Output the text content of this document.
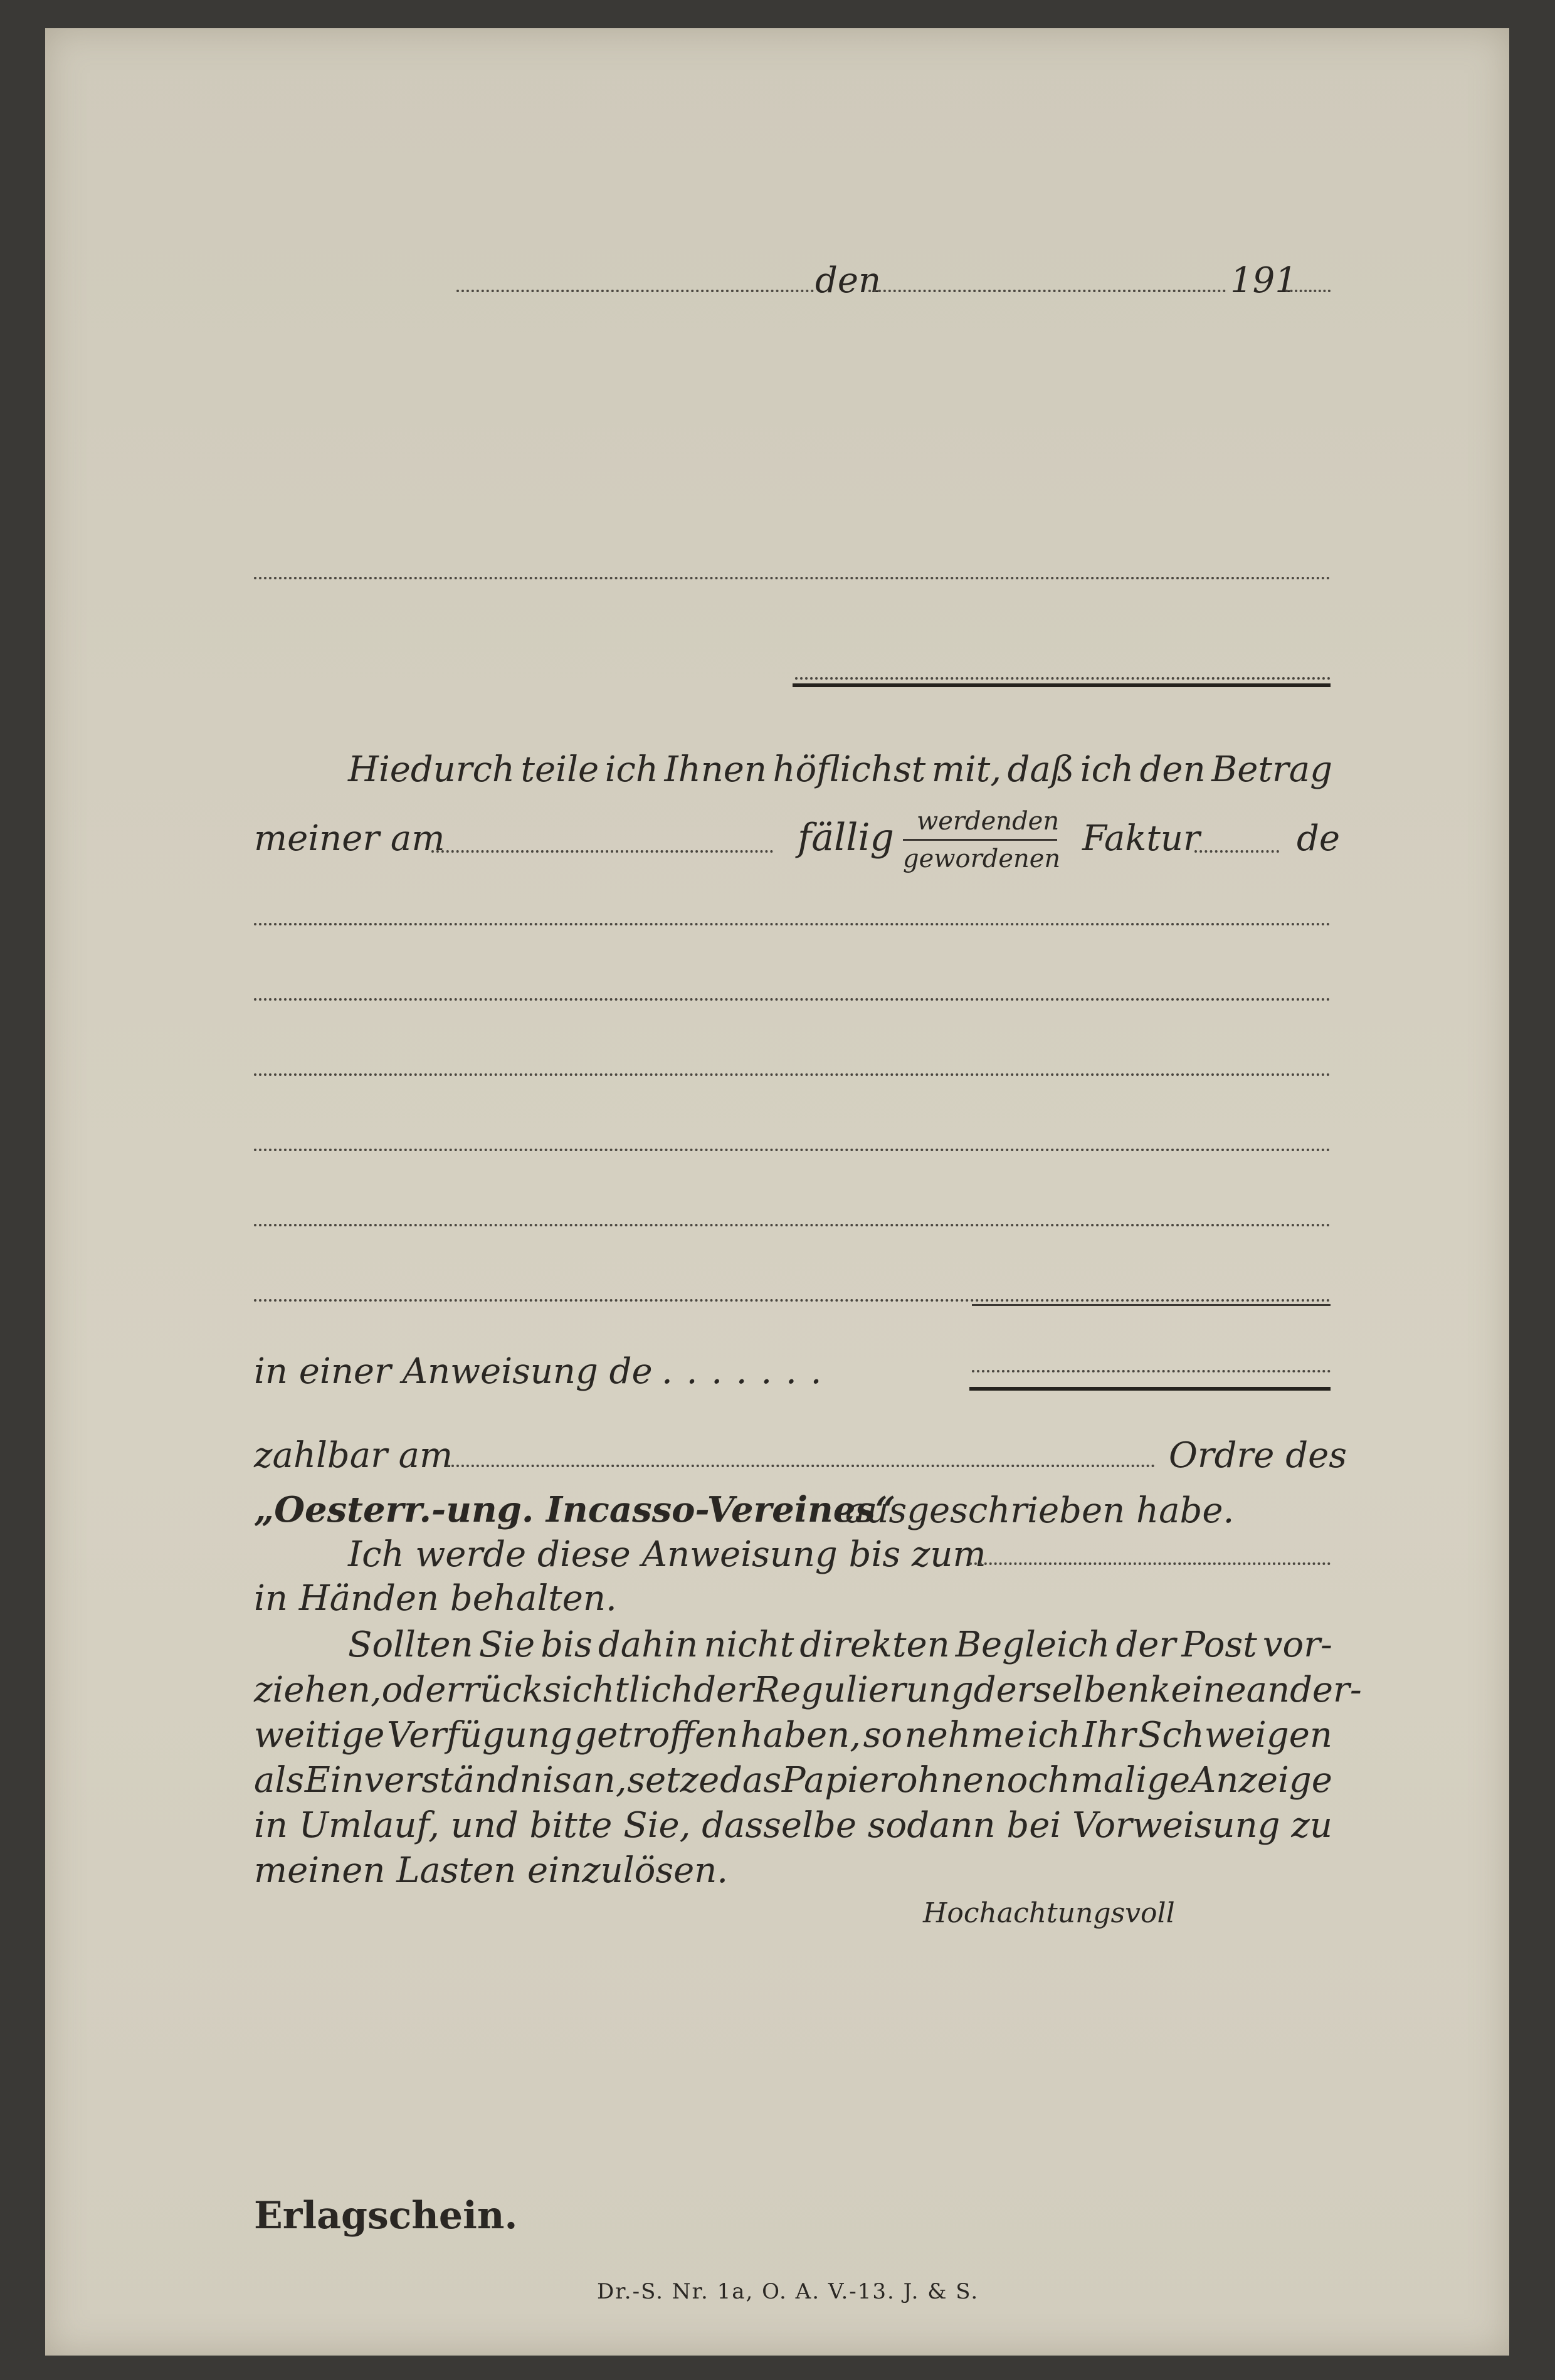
den	191
Hiedurch teile ich Ihnen höflichst mit, daß ich den Betrag
meiner am	fällig werdenden
gewordenen Faktur	de
in einer Anweisung de . . . . . . .
zahlbar am	Ordre des
„Oesterr.-ung. Incasso-Vereines“
ausgeschrieben habe.
Ich werde diese Anweisung bis zum
in Händen behalten.
Sollten Sie bis dahin nicht direkten Begleich der Post vor-
ziehen, oder rücksichtlich der Regulierung derselben keine ander-
weitige Verfügung getroffen haben, so nehme ich Ihr Schweigen
als Einverständnis an, setze das Papier ohne nochmalige Anzeige
in Umlauf, und bitte Sie, dasselbe sodann bei Vorweisung zu
meinen Lasten einzulösen.
Hochachtungsvoll
Erlagschein.
Dr.-S. Nr. 1a, O. A. V.-13. J. & S.
